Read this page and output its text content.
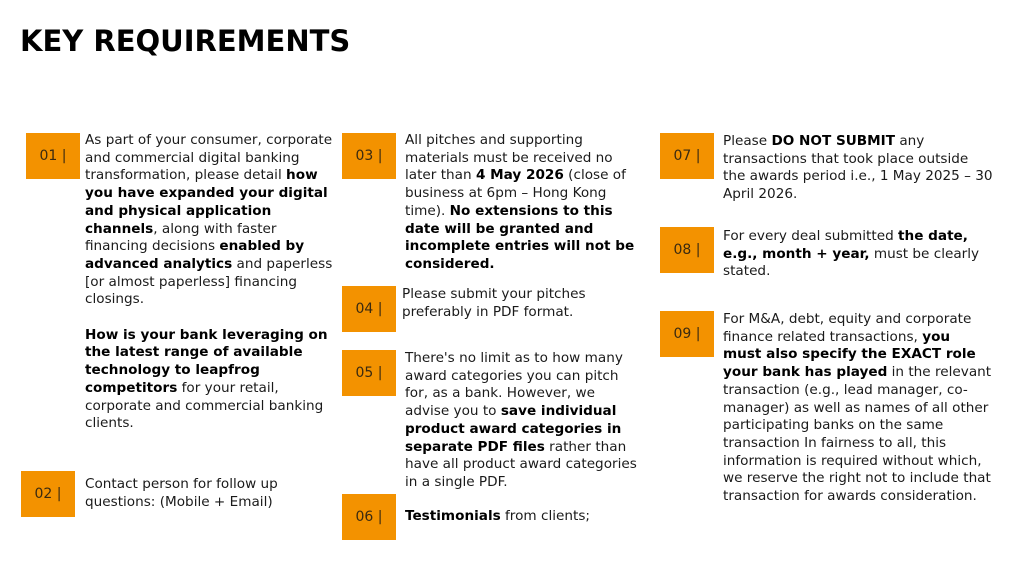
KEY REQUIREMENTS
01 |
As part of your consumer, corporate and commercial digital banking transformation, please detail how you have expanded your digital and physical application channels, along with faster financing decisions enabled by advanced analytics and paperless [or almost paperless] financing closings.
How is your bank leveraging on the latest range of available technology to leapfrog competitors for your retail, corporate and commercial banking clients.
02 |
Contact person for follow up questions: (Mobile + Email)
03 |
All pitches and supporting materials must be received no later than 4 May 2026 (close of business at 6pm – Hong Kong time). No extensions to this date will be granted and incomplete entries will not be considered.
04 |
Please submit your pitches preferably in PDF format.
05 |
There's no limit as to how many award categories you can pitch for, as a bank. However, we advise you to save individual product award categories in separate PDF files rather than have all product award categories in a single PDF.
06 |	Testimonials from clients;
07 |
Please DO NOT SUBMIT any transactions that took place outside the awards period i.e., 1 May 2025 – 30 April 2026.
08 |
For every deal submitted the date, e.g., month + year, must be clearly stated.
09 |
For M&A, debt, equity and corporate finance related transactions, you must also specify the EXACT role your bank has played in the relevant transaction (e.g., lead manager, co-manager) as well as names of all other participating banks on the same transaction In fairness to all, this information is required without which, we reserve the right not to include that transaction for awards consideration.
